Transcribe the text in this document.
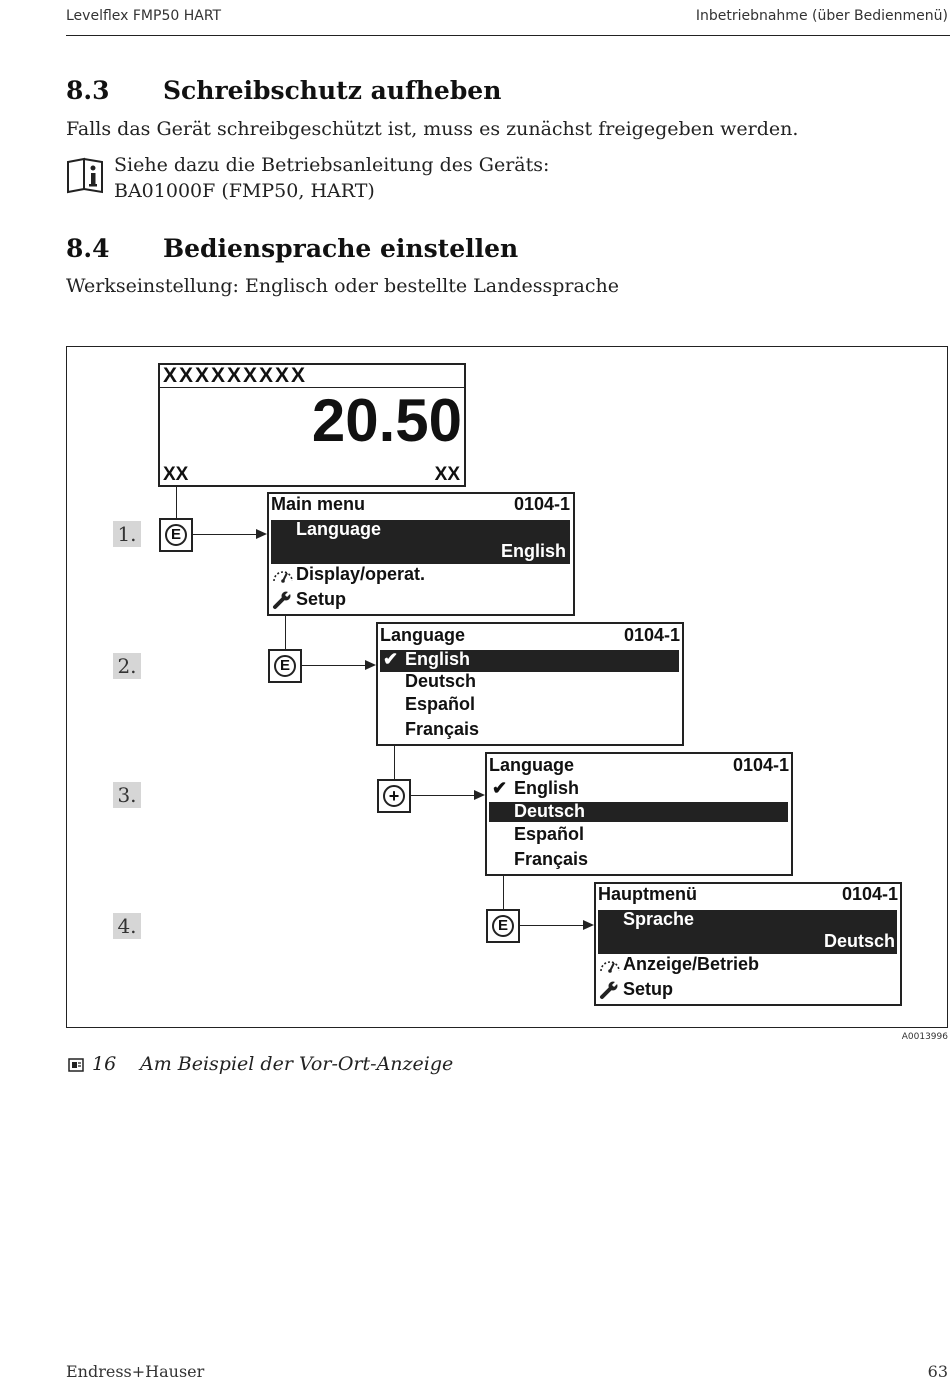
Levelflex FMP50 HART	Inbetriebnahme (über Bedienmenü)
8.3 Schreibschutz aufheben
Falls das Gerät schreibgeschützt ist, muss es zunächst freigegeben werden.
Siehe dazu die Betriebsanleitung des Geräts:
BA01000F (FMP50, HART)
8.4 Bediensprache einstellen
Werkseinstellung: Englisch oder bestellte Landessprache
XXXXXXXXX
20.50
XX	XX
1.
2.
3.
4.
E
Main menu	0104-1
Language
English
Display/operat.
Setup
E
Language	0104-1
✔ English
Deutsch
Español
Français
+
Language	0104-1
✔ English
Deutsch
Español
Français
E
Hauptmenü	0104-1
Sprache
Deutsch
Anzeige/Betrieb
Setup
A0013996
16 Am Beispiel der Vor-Ort-Anzeige
Endress+Hauser	63
